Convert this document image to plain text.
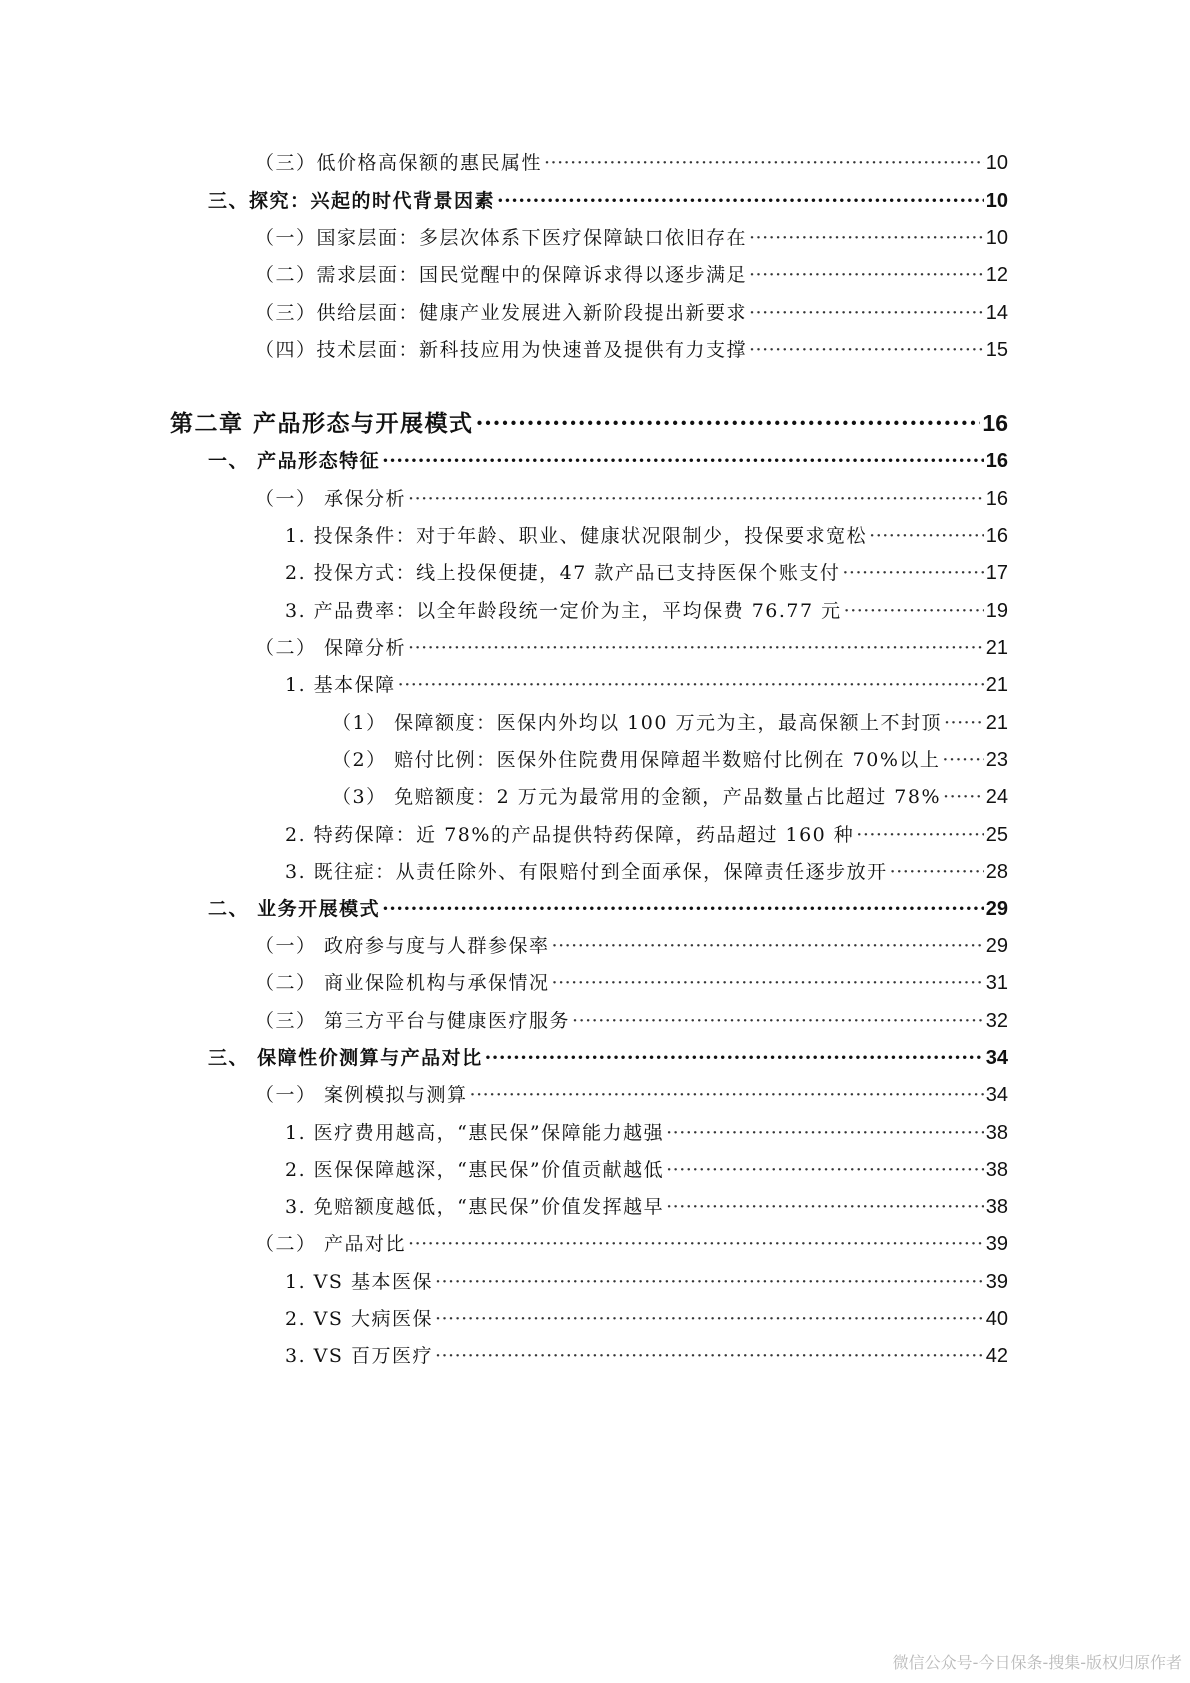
（三）低价格高保额的惠民属性 ·····	10
三、探究：兴起的时代背景因素 ·····	10
（一）国家层面：多层次体系下医疗保障缺口依旧存在 ·····	10
（二）需求层面：国民觉醒中的保障诉求得以逐步满足 ·····	12
（三）供给层面：健康产业发展进入新阶段提出新要求 ·····	14
（四）技术层面：新科技应用为快速普及提供有力支撑 ·····	15
第二章 产品形态与开展模式 ·····	16
一、 产品形态特征 ·····	16
（一） 承保分析 ·····	16
1. 投保条件：对于年龄、职业、健康状况限制少，投保要求宽松 ·····	16
2. 投保方式：线上投保便捷，47 款产品已支持医保个账支付 ·····	17
3. 产品费率：以全年龄段统一定价为主，平均保费 76.77 元 ·····	19
（二） 保障分析 ·····	21
1. 基本保障 ·····	21
（1） 保障额度：医保内外均以 100 万元为主，最高保额上不封顶 ····· 21
（2） 赔付比例：医保外住院费用保障超半数赔付比例在 70%以上 ····· 23
（3） 免赔额度：2 万元为最常用的金额，产品数量占比超过 78% ····· 24
2. 特药保障：近 78%的产品提供特药保障，药品超过 160 种 ·····	25
3. 既往症：从责任除外、有限赔付到全面承保，保障责任逐步放开 ·····	28
二、 业务开展模式 ·····	29
（一） 政府参与度与人群参保率 ·····	29
（二） 商业保险机构与承保情况 ·····	31
（三） 第三方平台与健康医疗服务 ·····	32
三、 保障性价测算与产品对比 ·····	34
（一） 案例模拟与测算 ·····	34
1. 医疗费用越高，“惠民保”保障能力越强 ·····	38
2. 医保保障越深，“惠民保”价值贡献越低 ·····	38
3. 免赔额度越低，“惠民保”价值发挥越早 ·····	38
（二） 产品对比 ·····	39
1. VS 基本医保 ·····	39
2. VS 大病医保 ·····	40
3. VS 百万医疗 ·····	42
微信公众号-今日保条-搜集-版权归原作者
